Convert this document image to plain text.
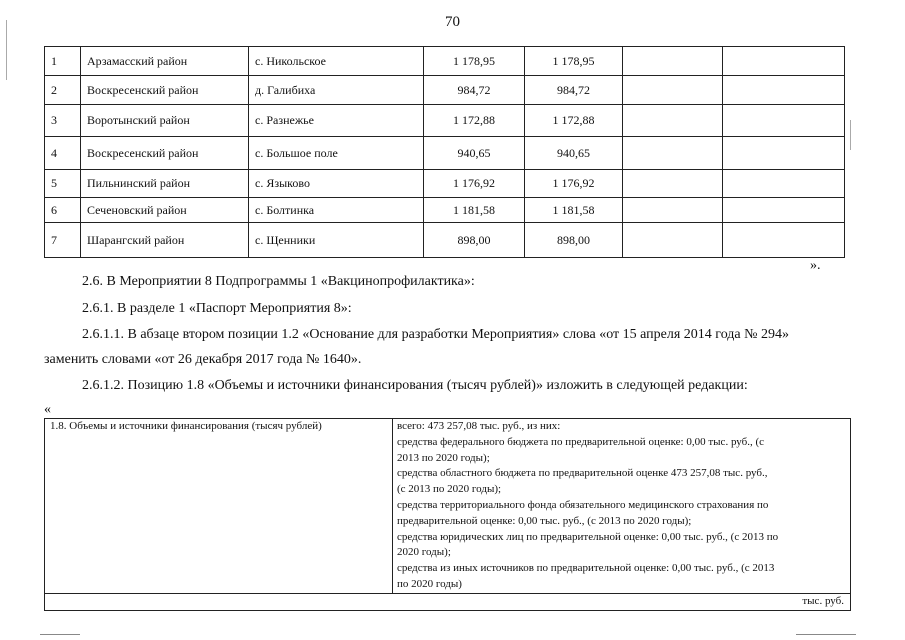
70
1	Арзамасский район	с. Никольское	1 178,95	1 178,95		
2	Воскресенский район	д. Галибиха	984,72	984,72		
3	Воротынский район	с. Разнежье	1 172,88	1 172,88		
4	Воскресенский район	с. Большое поле	940,65	940,65		
5	Пильнинский район	с. Языково	1 176,92	1 176,92		
6	Сеченовский район	с. Болтинка	1 181,58	1 181,58		
7	Шарангский район	с. Щенники	898,00	898,00		
».
2.6. В Мероприятии 8 Подпрограммы 1 «Вакцинопрофилактика»:
2.6.1. В разделе 1 «Паспорт Мероприятия 8»:
2.6.1.1. В абзаце втором позиции 1.2 «Основание для разработки Мероприятия» слова «от 15 апреля 2014 года № 294»
заменить словами «от 26 декабря 2017 года № 1640».
2.6.1.2. Позицию 1.8 «Объемы и источники финансирования (тысяч рублей)» изложить в следующей редакции:
«
1.8. Объемы и источники финансирования (тысяч рублей)	всего: 473 257,08 тыс. руб., из них:
средства федерального бюджета по предварительной оценке: 0,00 тыс. руб., (с
2013 по 2020 годы);
средства областного бюджета по предварительной оценке 473 257,08 тыс. руб.,
(с 2013 по 2020 годы);
средства территориального фонда обязательного медицинского страхования по
предварительной оценке: 0,00 тыс. руб., (с 2013 по 2020 годы);
средства юридических лиц по предварительной оценке: 0,00 тыс. руб., (с 2013 по
2020 годы);
средства из иных источников по предварительной оценке: 0,00 тыс. руб., (с 2013
по 2020 годы)

тыс. руб.
